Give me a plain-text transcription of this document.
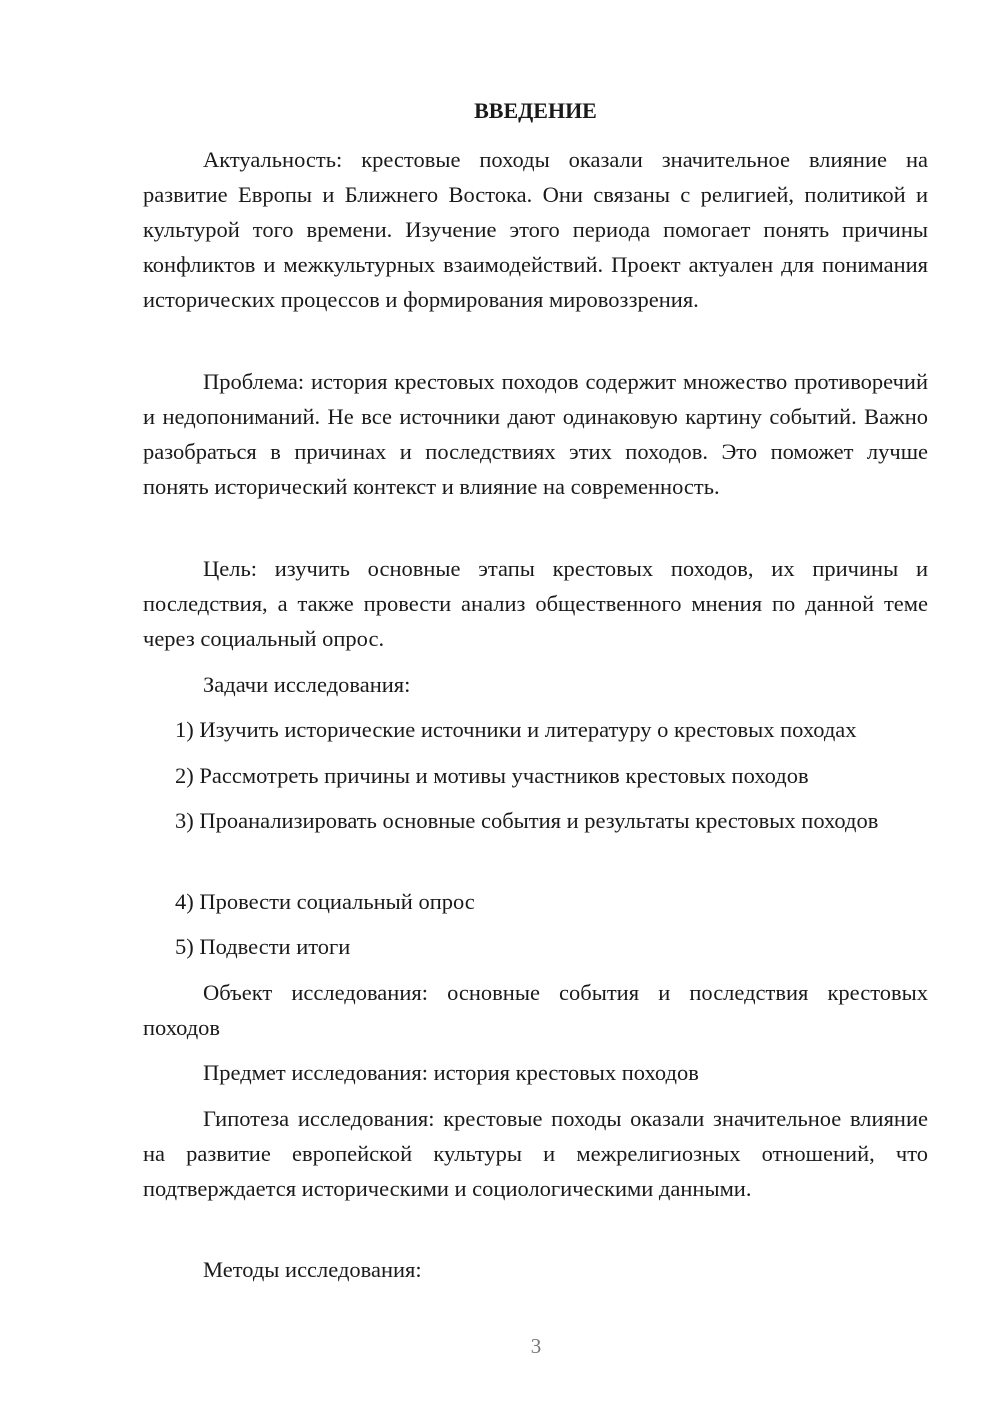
ВВЕДЕНИЕ

Актуальность: крестовые походы оказали значительное влияние на развитие Европы и Ближнего Востока. Они связаны с религией, политикой и культурой того времени. Изучение этого периода помогает понять причины конфликтов и межкультурных взаимодействий. Проект актуален для понимания исторических процессов и формирования мировоззрения.

Проблема: история крестовых походов содержит множество противоречий и недопониманий. Не все источники дают одинаковую картину событий. Важно разобраться в причинах и последствиях этих походов. Это поможет лучше понять исторический контекст и влияние на современность.

Цель: изучить основные этапы крестовых походов, их причины и последствия, а также провести анализ общественного мнения по данной теме через социальный опрос.

Задачи исследования:

1) Изучить исторические источники и литературу о крестовых походах

2) Рассмотреть причины и мотивы участников крестовых походов

3) Проанализировать основные события и результаты крестовых походов

4) Провести социальный опрос

5) Подвести итоги

Объект исследования: основные события и последствия крестовых походов

Предмет исследования: история крестовых походов

Гипотеза исследования: крестовые походы оказали значительное влияние на развитие европейской культуры и межрелигиозных отношений, что подтверждается историческими и социологическими данными.

Методы исследования:

3
